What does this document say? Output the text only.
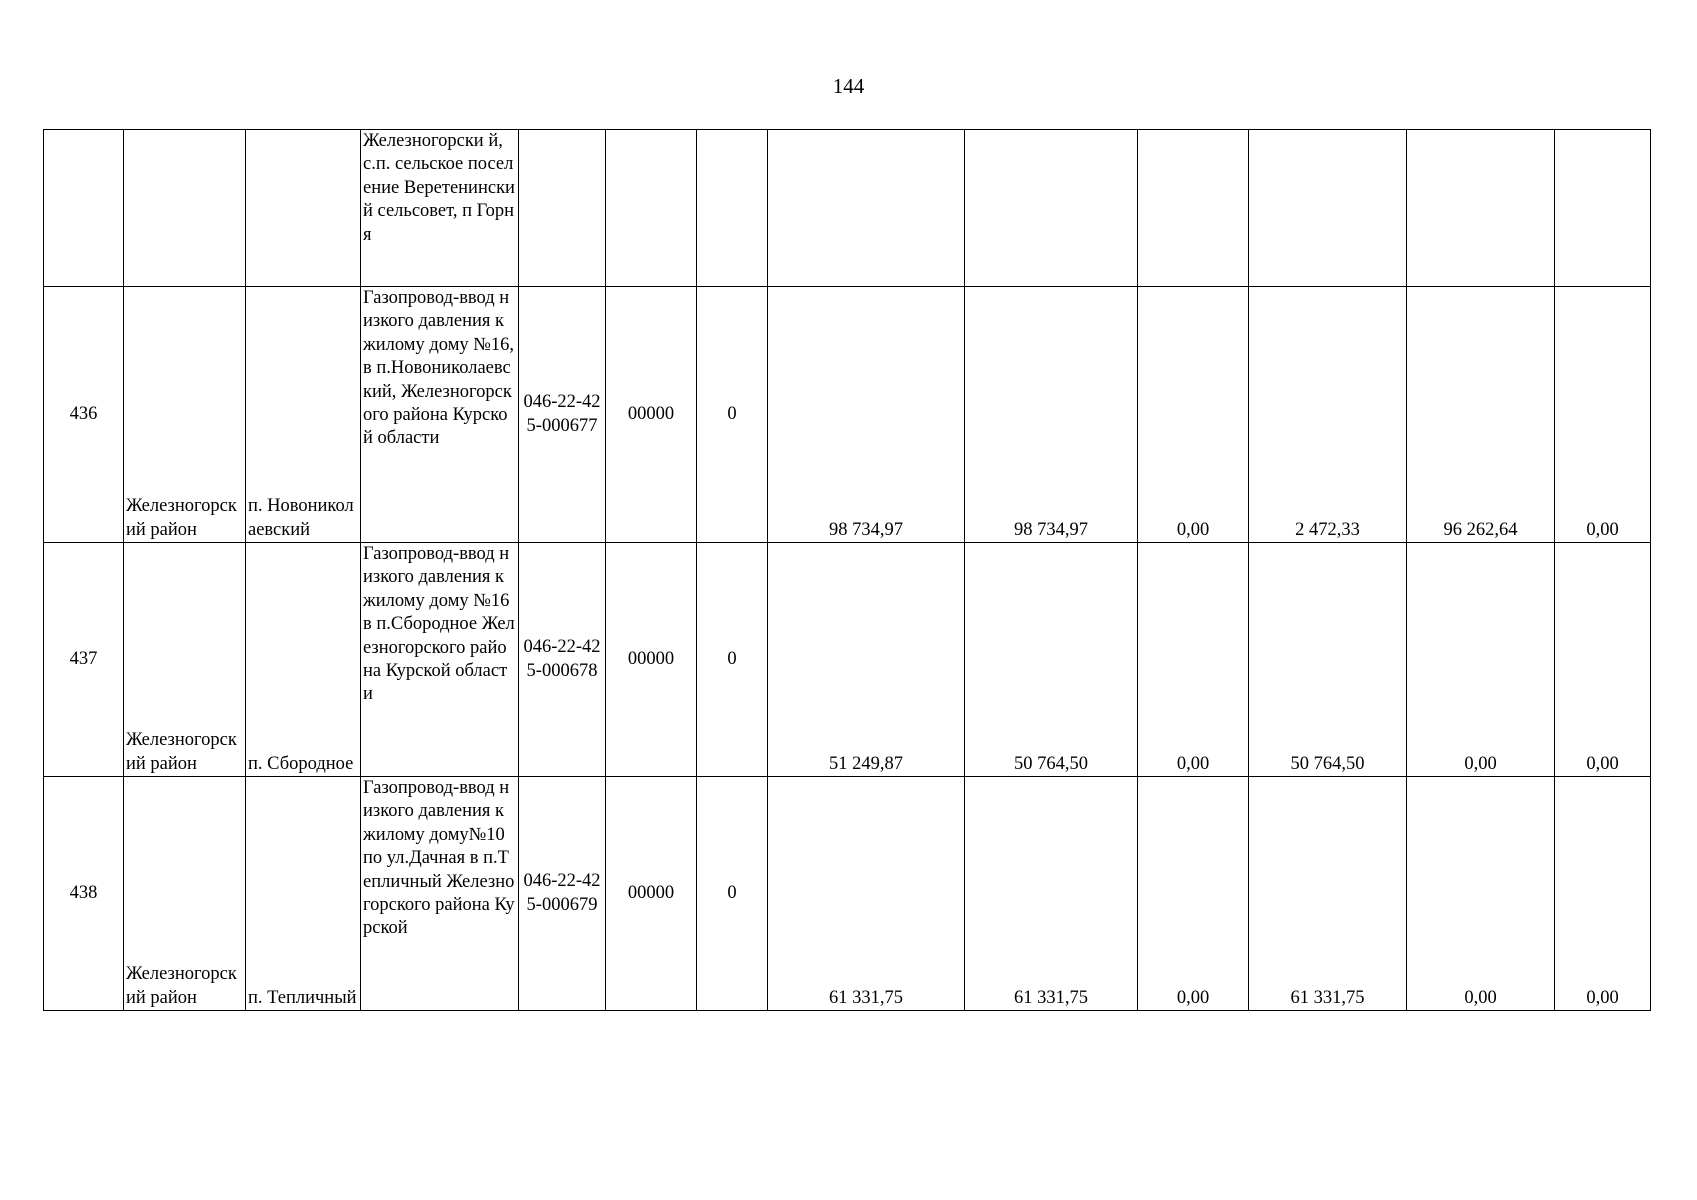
144
			Железногорски й, с.п. сельское поселение Веретенинский сельсовет, п Горня									
436	Железногорский район	п. Новониколаевский	Газопровод-ввод низкого давления к жилому дому №16, в п.Новониколаевский, Железногорского района Курской области	046-22-425-000677	00000	0	98 734,97	98 734,97	0,00	2 472,33	96 262,64	0,00
437	Железногорский район	п. Сбородное	Газопровод-ввод низкого давления к жилому дому №16 в п.Сбородное Железногорского района Курской области	046-22-425-000678	00000	0	51 249,87	50 764,50	0,00	50 764,50	0,00	0,00
438	Железногорский район	п. Тепличный	Газопровод-ввод низкого давления к жилому дому№10 по ул.Дачная в п.Тепличный Железногорского района Курской	046-22-425-000679	00000	0	61 331,75	61 331,75	0,00	61 331,75	0,00	0,00
